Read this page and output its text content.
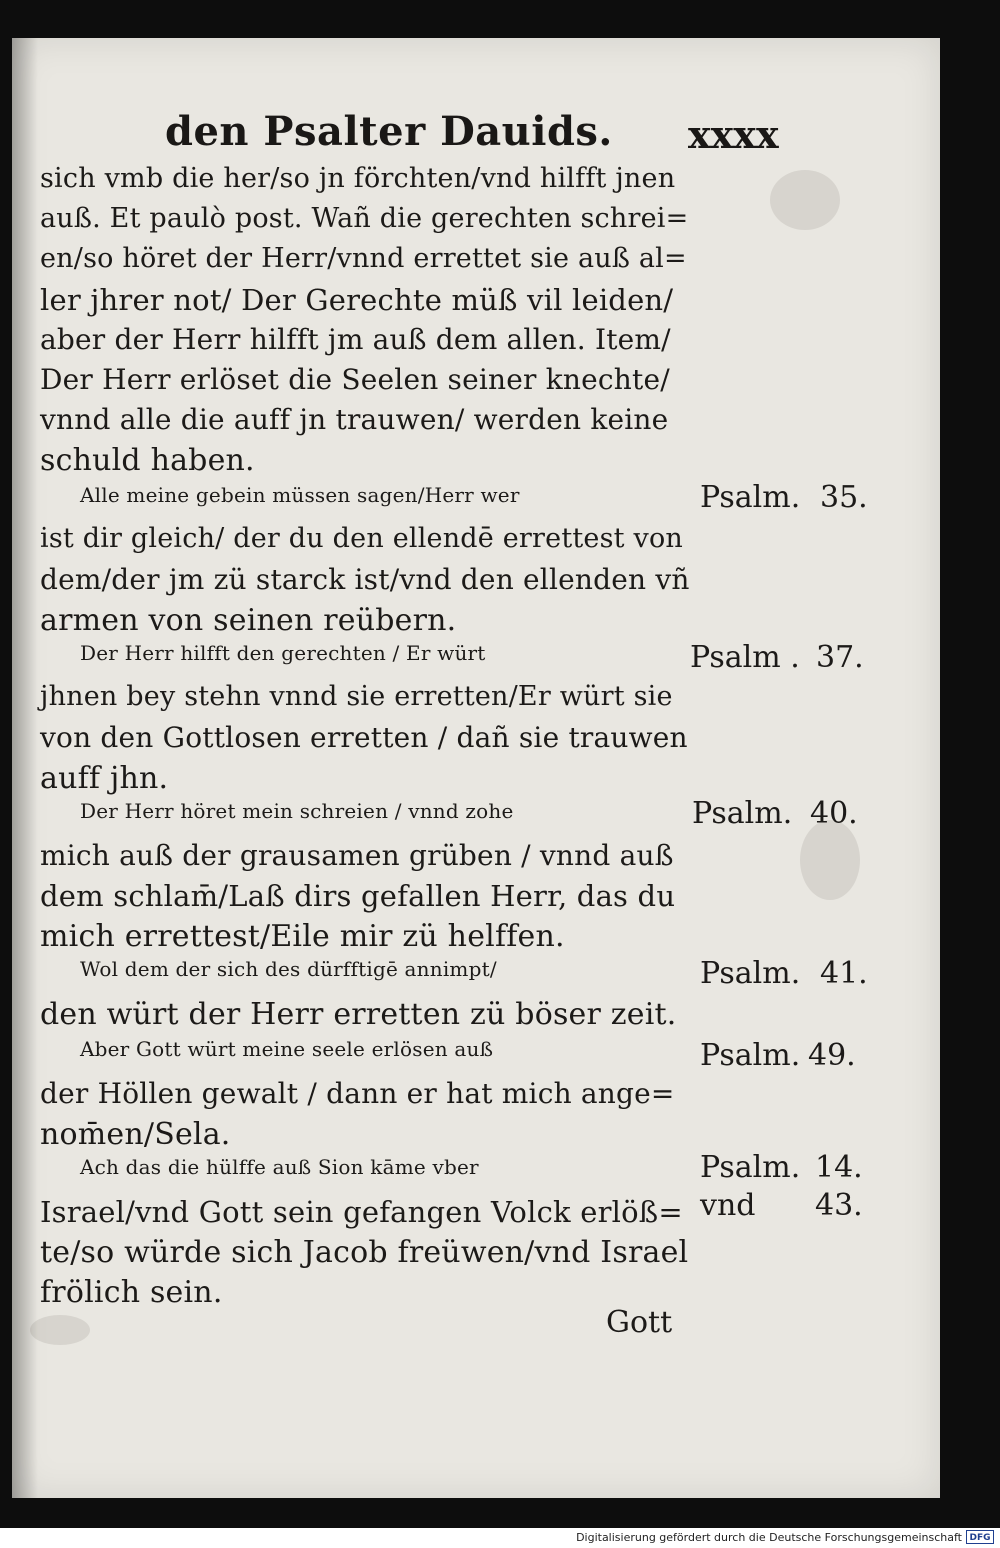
den Psalter Dauids. xxxx
sich vmb die her/so jn förchten/vnd hilfft jnen
auß. Et paulò post. Wañ die gerechten schrei=
en/so höret der Herr/vnnd errettet sie auß al=
ler jhrer not/ Der Gerechte müß vil leiden/
aber der Herr hilfft jm auß dem allen. Item/
Der Herr erlöset die Seelen seiner knechte/
vnnd alle die auff jn trauwen/ werden keine
schuld haben.
Alle meine gebein müssen sagen/Herr wer
ist dir gleich/ der du den ellendē errettest von
dem/der jm zü starck ist/vnd den ellenden vñ
armen von seinen reübern.
Der Herr hilfft den gerechten / Er würt
jhnen bey stehn vnnd sie erretten/Er würt sie
von den Gottlosen erretten / dañ sie trauwen
auff jhn.
Der Herr höret mein schreien / vnnd zohe
mich auß der grausamen grüben / vnnd auß
dem schlam̄/Laß dirs gefallen Herr, das du
mich errettest/Eile mir zü helffen.
Wol dem der sich des dürfftigē annimpt/
den würt der Herr erretten zü böser zeit.
Aber Gott würt meine seele erlösen auß
der Höllen gewalt / dann er hat mich ange=
nom̄en/Sela.
Ach das die hülffe auß Sion kāme vber
Israel/vnd Gott sein gefangen Volck erlöß=
te/so würde sich Jacob freüwen/vnd Israel
frölich sein.
Psalm. 35.
Psalm . 37.
Psalm. 40.
Psalm. 41.
Psalm. 49.
Psalm. 14.
vnd 43.
Gott
Digitalisierung gefördert durch die Deutsche Forschungsgemeinschaft DFG
